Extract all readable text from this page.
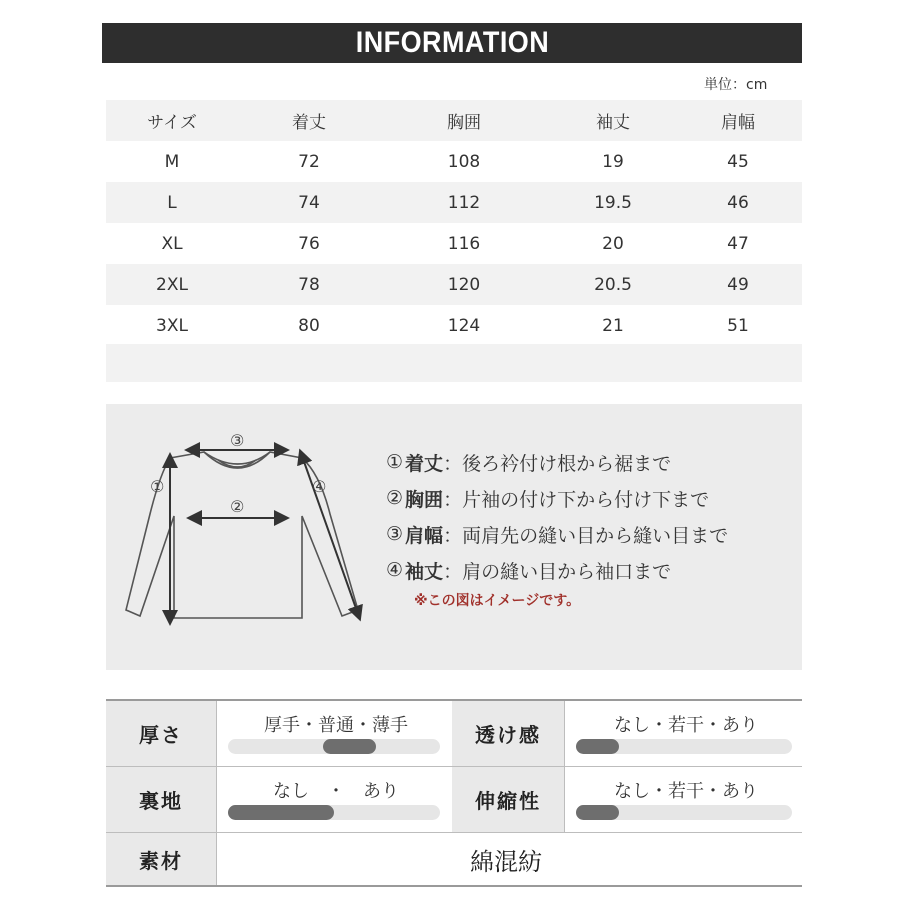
INFORMATION
単位：cm
サイズ	着丈	胸囲	袖丈	肩幅
M	72	108	19	45
L	74	112	19.5	46
XL	76	116	20	47
2XL	78	120	20.5	49
3XL	80	124	21	51
①
②
③
④
① 着丈 ：後ろ衿付け根から裾まで
② 胸囲 ：片袖の付け下から付け下まで
③ 肩幅 ：両肩先の縫い目から縫い目まで
④ 袖丈 ：肩の縫い目から袖口まで
※この図はイメージです。
厚さ	厚手・普通・薄手	透け感	なし・若干・あり
裏地	なし　・　あり	伸縮性	なし・若干・あり
素材	綿混紡
